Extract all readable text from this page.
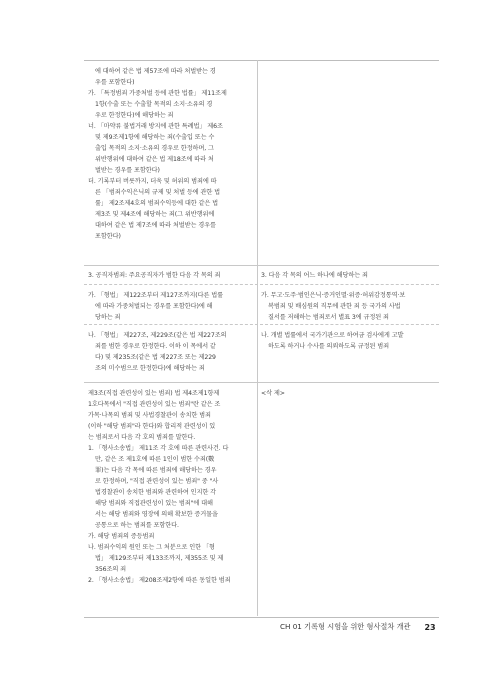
에 대하여 같은 법 제57조에 따라 처벌받는 경

우를 포함한다)

가. 「특정범죄 가중처벌 등에 관한 법률」 제11조제

1항(수출 또는 수출할 목적의 소지·소유의 경

우로 한정한다)에 해당하는 죄

너. 「마약류 불법거래 방지에 관한 특례법」 제6조

및 제9조제1항에 해당하는 죄(수출입 또는 수

출입 목적의 소지·소유의 경우로 한정하며, 그

위반행위에 대하여 같은 법 제18조에 따라 처

벌받는 경우를 포함한다)

더. 기록부터 버릇까지, 더욱 및 허위의 범죄에 따

른 「범죄수익은닉의 규제 및 처벌 등에 관한 법

률」 제2조제4호의 범죄수익등에 대한 같은 법

제3조 및 제4조에 해당하는 죄(그 위반행위에

대하여 같은 법 제7조에 따라 처벌받는 경우를

포함한다)

3. 공직자범죄: 주요공직자가 범한 다음 각 목의 죄

가. 「형법」 제122조부터 제127조까지(다른 법률

에 따라 가중처벌되는 경우를 포함한다)에 해

당하는 죄

나. 「형법」 제227조, 제229조(같은 법 제227조의

죄를 범한 경우로 한정한다. 이하 이 목에서 같

다) 및 제235조(같은 법 제227조 또는 제229

조의 미수범으로 한정한다)에 해당하는 죄

제3조(직접 관련성이 있는 범죄) 법 제4조제1항제

1호다목에서 "직접 관련성이 있는 범죄"란 같은 조

가목·나목의 범죄 및 사법경찰관이 송치한 범죄

(이하 "해당 범죄"라 한다)와 합리적 관련성이 있

는 범죄로서 다음 각 호의 범죄를 말한다.

1. 「형사소송법」 제11조 각 호에 따른 관련사건. 다

만, 같은 조 제1호에 따른 1인이 범한 수죄(數

罪)는 다음 각 목에 따른 범죄에 해당하는 경우

로 한정하며, "직접 관련성이 있는 범죄" 중 "사

법경찰관이 송치한 범죄와 관련하여 인지한 각

해당 범죄와 직접관련성이 있는 범죄"에 대해

서는 해당 범죄와 영장에 의해 확보한 증거물을

공통으로 하는 범죄를 포함한다.

가. 해당 범죄의 증등범죄

나. 범죄수익의 원인 또는 그 처분으로 인한 「형

법」 제129조부터 제133조까지, 제355조 및 제

356조의 죄

2. 「형사소송법」 제208조제2항에 따른 동일한 범죄

3. 다음 각 목의 어느 하나에 해당하는 죄

가. 무고·도주·범인은닉·증거인멸·위증·허위감정통역·보

복범죄 및 배심원의 직무에 관한 죄 등 국가의 사법

질서를 저해하는 범죄로서 별표 3에 규정된 죄

나. 개별 법률에서 국가기관으로 하여금 검사에게 고발

하도록 하거나 수사를 의뢰하도록 규정된 범죄

<삭 제>

CH 01 기록형 시험을 위한 형사절차 개관 23
